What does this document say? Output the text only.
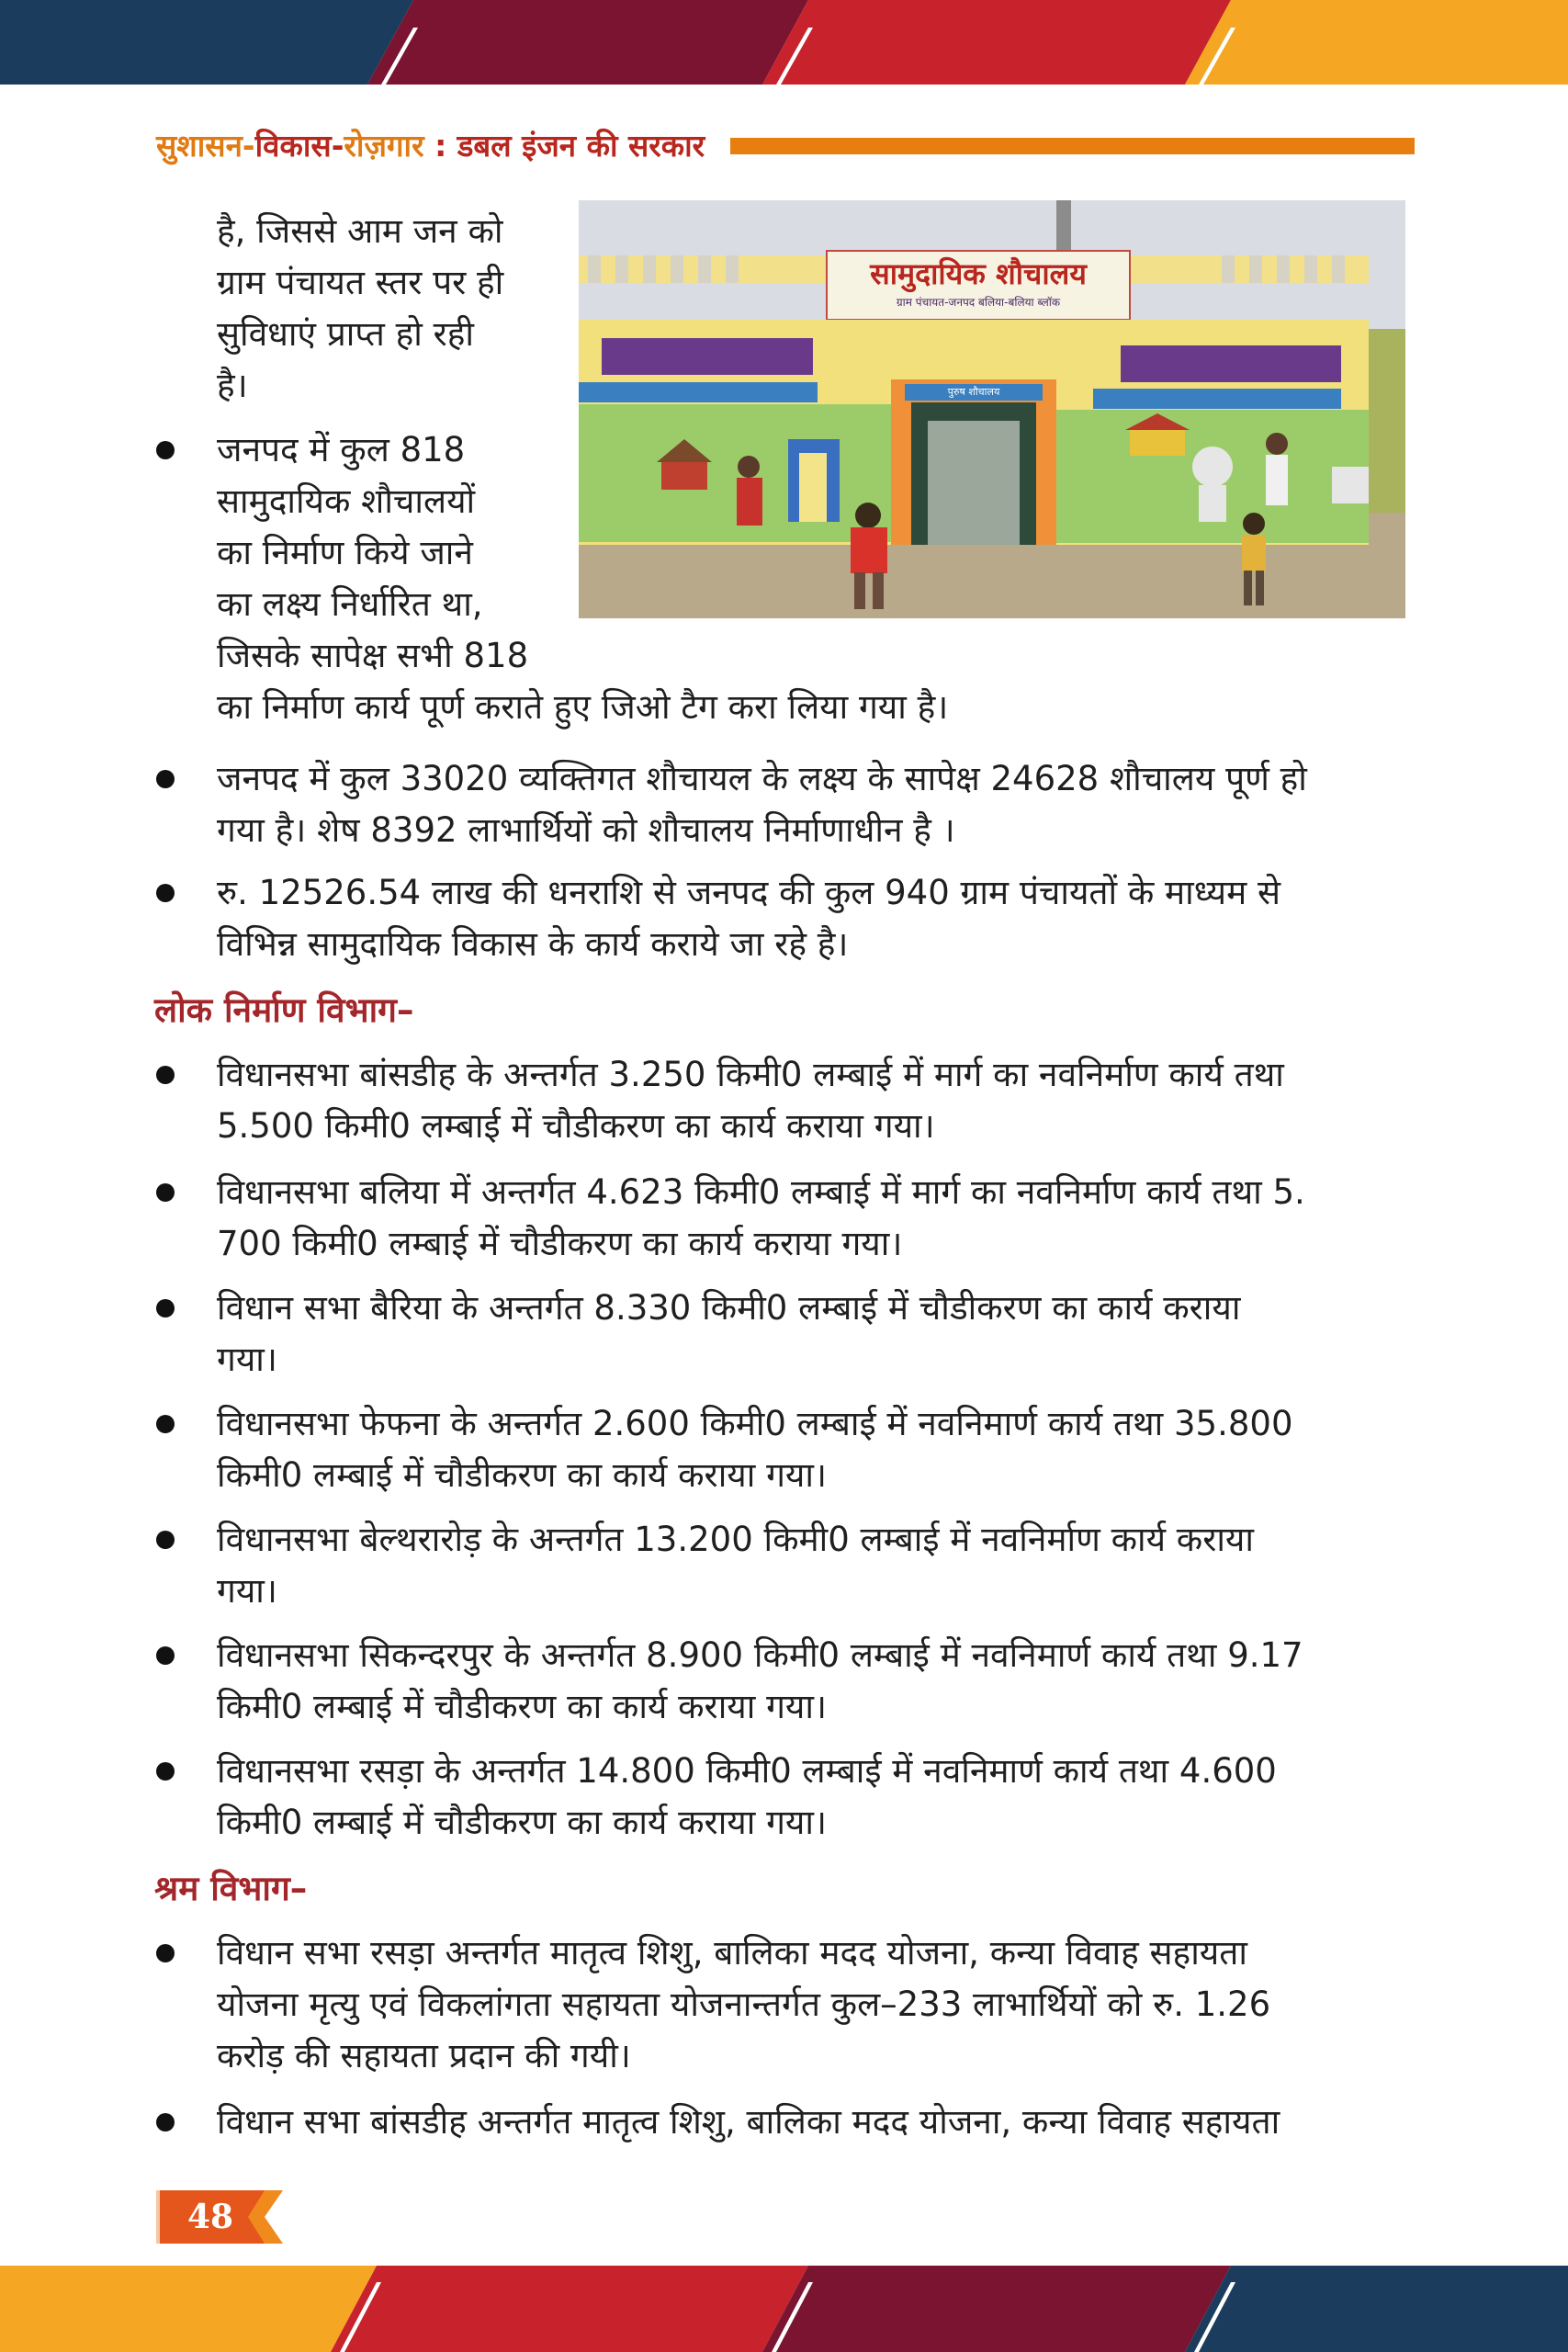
सुशासन-विकास-रोज़गार : डबल इंजन की सरकार
सामुदायिक शौचालय
ग्राम पंचायत-जनपद बलिया-बलिया ब्लॉक
पुरुष शौचालय
है, जिससे आम जन को
ग्राम पंचायत स्तर पर ही
सुविधाएं प्राप्त हो रही
है।
जनपद में कुल 818
सामुदायिक शौचालयों
का निर्माण किये जाने
का लक्ष्य निर्धारित था,
जिसके सापेक्ष सभी 818
का निर्माण कार्य पूर्ण कराते हुए जिओ टैग करा लिया गया है।
जनपद में कुल 33020 व्यक्तिगत शौचायल के लक्ष्य के सापेक्ष 24628 शौचालय पूर्ण हो
गया है। शेष 8392 लाभार्थियों को शौचालय निर्माणाधीन है ।
रु. 12526.54 लाख की धनराशि से जनपद की कुल 940 ग्राम पंचायतों के माध्यम से
विभिन्न सामुदायिक विकास के कार्य कराये जा रहे है।
लोक निर्माण विभाग–
विधानसभा बांसडीह के अन्तर्गत 3.250 किमी0 लम्बाई में मार्ग का नवनिर्माण कार्य तथा
5.500 किमी0 लम्बाई में चौडीकरण का कार्य कराया गया।
विधानसभा बलिया में अन्तर्गत 4.623 किमी0 लम्बाई में मार्ग का नवनिर्माण कार्य तथा 5.
700 किमी0 लम्बाई में चौडीकरण का कार्य कराया गया।
विधान सभा बैरिया के अन्तर्गत 8.330 किमी0 लम्बाई में चौडीकरण का कार्य कराया
गया।
विधानसभा फेफना के अन्तर्गत 2.600 किमी0 लम्बाई में नवनिमार्ण कार्य तथा 35.800
किमी0 लम्बाई में चौडीकरण का कार्य कराया गया।
विधानसभा बेल्थरारोड़ के अन्तर्गत 13.200 किमी0 लम्बाई में नवनिर्माण कार्य कराया
गया।
विधानसभा सिकन्दरपुर के अन्तर्गत 8.900 किमी0 लम्बाई में नवनिमार्ण कार्य तथा 9.17
किमी0 लम्बाई में चौडीकरण का कार्य कराया गया।
विधानसभा रसड़ा के अन्तर्गत 14.800 किमी0 लम्बाई में नवनिमार्ण कार्य तथा 4.600
किमी0 लम्बाई में चौडीकरण का कार्य कराया गया।
श्रम विभाग–
विधान सभा रसड़ा अन्तर्गत मातृत्व शिशु, बालिका मदद योजना, कन्या विवाह सहायता
योजना मृत्यु एवं विकलांगता सहायता योजनान्तर्गत कुल–233 लाभार्थियों को रु. 1.26
करोड़ की सहायता प्रदान की गयी।
विधान सभा बांसडीह अन्तर्गत मातृत्व शिशु, बालिका मदद योजना, कन्या विवाह सहायता
48
